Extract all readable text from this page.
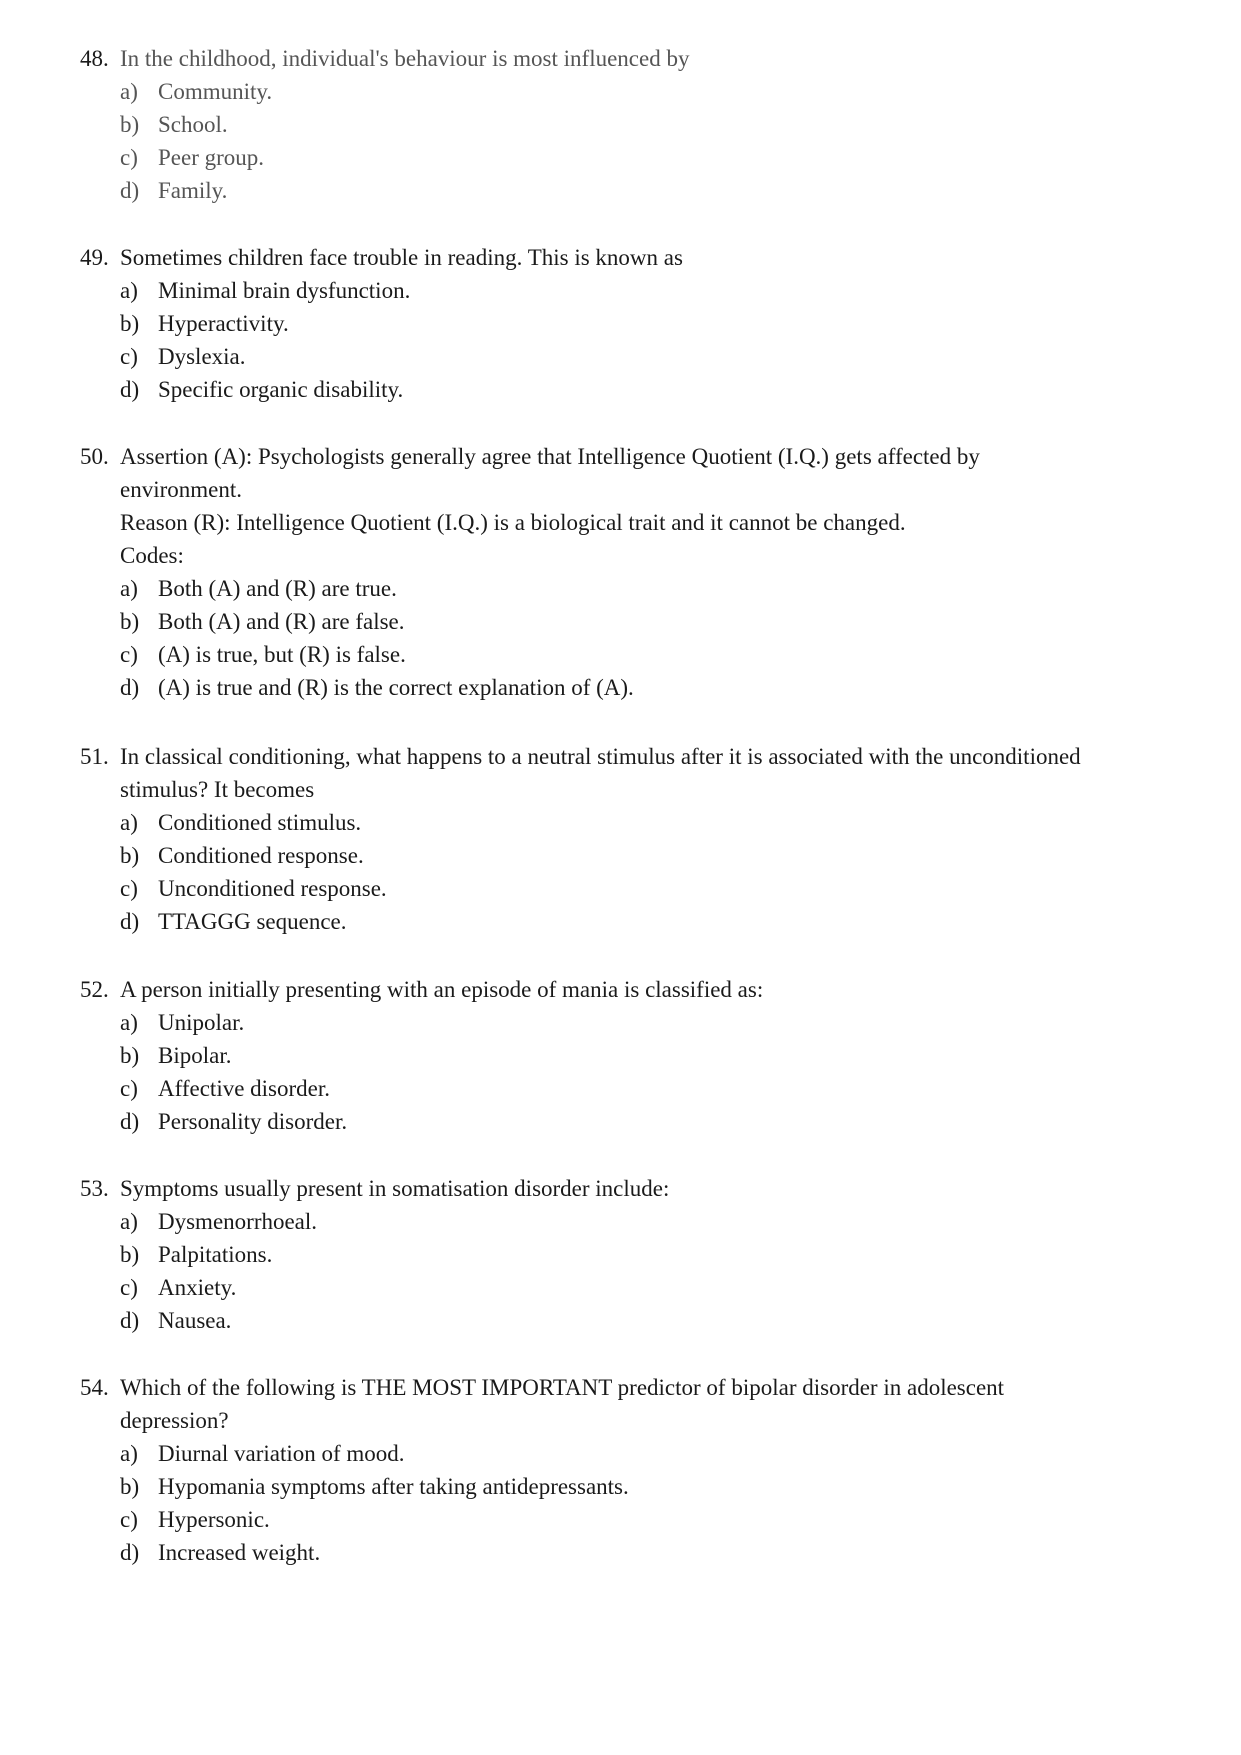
48. In the childhood, individual's behaviour is most influenced by
a) Community.
b) School.
c) Peer group.
d) Family.
49. Sometimes children face trouble in reading. This is known as
a) Minimal brain dysfunction.
b) Hyperactivity.
c) Dyslexia.
d) Specific organic disability.
50. Assertion (A): Psychologists generally agree that Intelligence Quotient (I.Q.) gets affected by
environment.
Reason (R): Intelligence Quotient (I.Q.) is a biological trait and it cannot be changed.
Codes:
a) Both (A) and (R) are true.
b) Both (A) and (R) are false.
c) (A) is true, but (R) is false.
d) (A) is true and (R) is the correct explanation of (A).
51. In classical conditioning, what happens to a neutral stimulus after it is associated with the unconditioned
stimulus? It becomes
a) Conditioned stimulus.
b) Conditioned response.
c) Unconditioned response.
d) TTAGGG sequence.
52. A person initially presenting with an episode of mania is classified as:
a) Unipolar.
b) Bipolar.
c) Affective disorder.
d) Personality disorder.
53. Symptoms usually present in somatisation disorder include:
a) Dysmenorrhoeal.
b) Palpitations.
c) Anxiety.
d) Nausea.
54. Which of the following is THE MOST IMPORTANT predictor of bipolar disorder in adolescent
depression?
a) Diurnal variation of mood.
b) Hypomania symptoms after taking antidepressants.
c) Hypersonic.
d) Increased weight.
